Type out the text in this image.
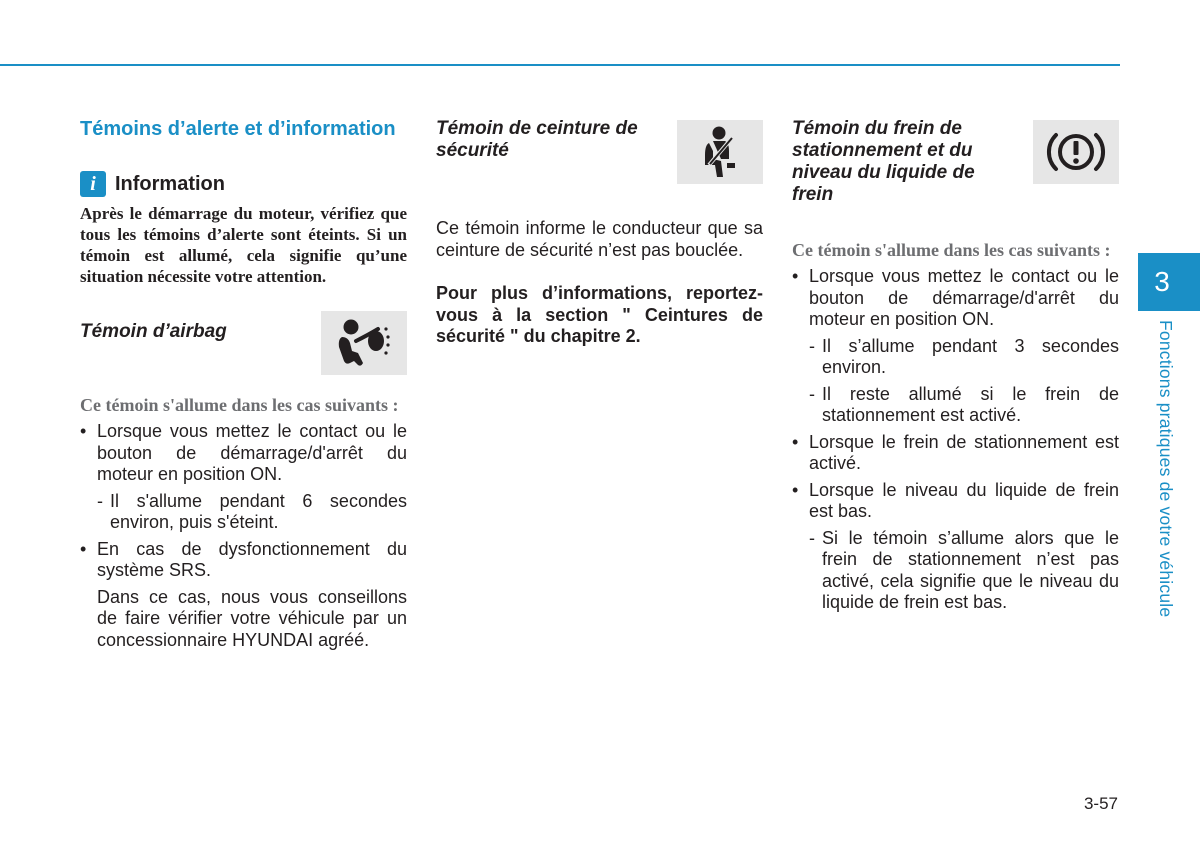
Témoins d’alerte et d’information
i Information

Après le démarrage du moteur, vérifiez que tous les témoins d’alerte sont éteints. Si un témoin est allumé, cela signifie qu’une situation nécessite votre attention.

Témoin d’airbag

Ce témoin s'allume dans les cas suivants :

• Lorsque vous mettez le contact ou le bouton de démarrage/d'arrêt du moteur en position ON.
- Il s'allume pendant 6 secondes environ, puis s'éteint.
• En cas de dysfonctionnement du système SRS.

Dans ce cas, nous vous conseillons de faire vérifier votre véhicule par un concessionnaire HYUNDAI agréé.

Témoin de ceinture de sécurité

Ce témoin informe le conducteur que sa ceinture de sécurité n’est pas bouclée.

Pour plus d’informations, reportez-vous à la section " Ceintures de sécurité " du chapitre 2.

Témoin du frein de stationnement et du niveau du liquide de frein

Ce témoin s'allume dans les cas suivants :

• Lorsque vous mettez le contact ou le bouton de démarrage/d'arrêt du moteur en position ON.
- Il s’allume pendant 3 secondes environ.
- Il reste allumé si le frein de stationnement est activé.
• Lorsque le frein de stationnement est activé.
• Lorsque le niveau du liquide de frein est bas.
- Si le témoin s’allume alors que le frein de stationnement n’est pas activé, cela signifie que le niveau du liquide de frein est bas.
3
Fonctions pratiques de votre véhicule
3-57
